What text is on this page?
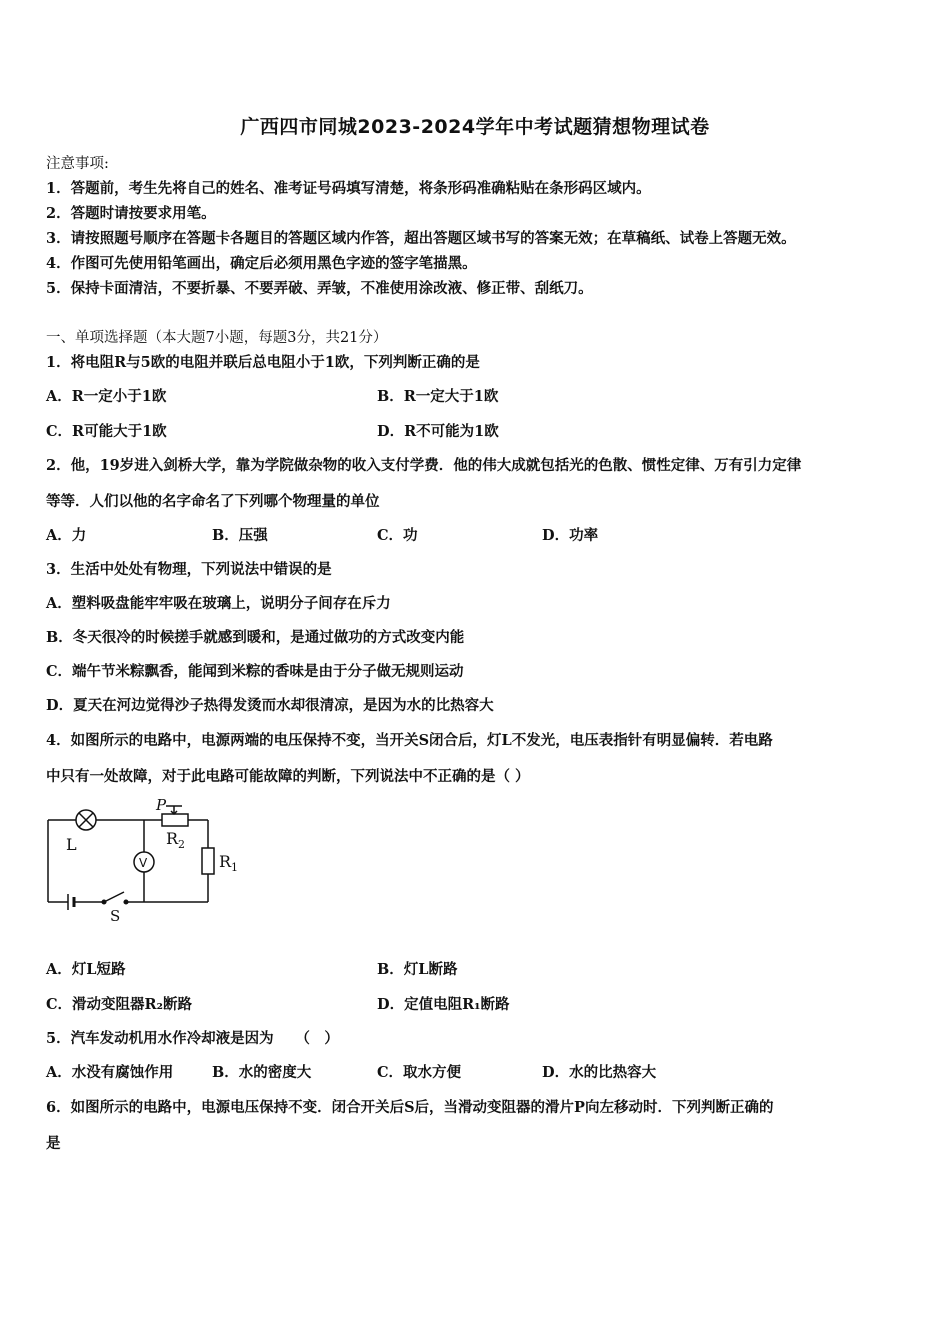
广西四市同城2023-2024学年中考试题猜想物理试卷
注意事项:
1．答题前，考生先将自己的姓名、准考证号码填写清楚，将条形码准确粘贴在条形码区域内。
2．答题时请按要求用笔。
3．请按照题号顺序在答题卡各题目的答题区域内作答，超出答题区域书写的答案无效；在草稿纸、试卷上答题无效。
4．作图可先使用铅笔画出，确定后必须用黑色字迹的签字笔描黑。
5．保持卡面清洁，不要折暴、不要弄破、弄皱，不准使用涂改液、修正带、刮纸刀。
一、单项选择题（本大题7小题，每题3分，共21分）
1．将电阻R与5欧的电阻并联后总电阻小于1欧，下列判断正确的是
A．R一定小于1欧	B．R一定大于1欧
C．R可能大于1欧	D．R不可能为1欧
2．他，19岁进入剑桥大学，靠为学院做杂物的收入支付学费．他的伟大成就包括光的色散、惯性定律、万有引力定律
等等．人们以他的名字命名了下列哪个物理量的单位
A．力	B．压强	C．功	D．功率
3．生活中处处有物理，下列说法中错误的是
A．塑料吸盘能牢牢吸在玻璃上，说明分子间存在斥力
B．冬天很冷的时候搓手就感到暖和，是通过做功的方式改变内能
C．端午节米粽飘香，能闻到米粽的香味是由于分子做无规则运动
D．夏天在河边觉得沙子热得发烫而水却很清凉，是因为水的比热容大
4．如图所示的电路中，电源两端的电压保持不变，当开关S闭合后，灯L不发光，电压表指针有明显偏转．若电路
中只有一处故障，对于此电路可能故障的判断，下列说法中不正确的是（ ）
L
P
R 2
V	R 1
S
A．灯L短路	B．灯L断路
C．滑动变阻器R₂断路	D．定值电阻R₁断路
5．汽车发动机用水作冷却液是因为　　（　）
A．水没有腐蚀作用	B．水的密度大	C．取水方便	D．水的比热容大
6．如图所示的电路中，电源电压保持不变．闭合开关后S后，当滑动变阻器的滑片P向左移动时．下列判断正确的
是
